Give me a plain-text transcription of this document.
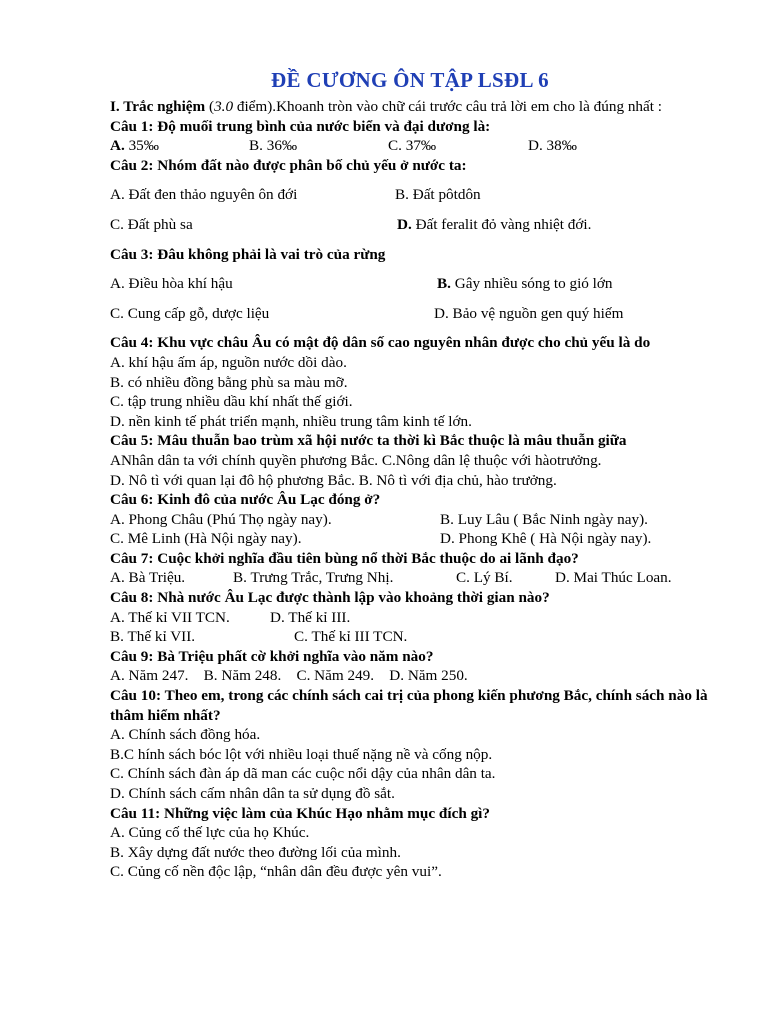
ĐỀ CƯƠNG ÔN TẬP LSĐL 6
I. Trắc nghiệm (3.0 điểm).Khoanh tròn vào chữ cái trước câu trả lời em cho là đúng nhất :
Câu 1: Độ muối trung bình của nước biển và đại dương là:
A. 35‰	B. 36‰	C. 37‰	D. 38‰
Câu 2: Nhóm đất nào được phân bố chủ yếu ở nước ta:
A. Đất đen thảo nguyên ôn đới	B. Đất pôtdôn
C. Đất phù sa	D. Đất feralit đỏ vàng nhiệt đới.
Câu 3: Đâu không phải là vai trò của rừng
A. Điều hòa khí hậu	B. Gây nhiều sóng to gió lớn
C. Cung cấp gỗ, dược liệu	D. Bảo vệ nguồn gen quý hiếm
Câu 4: Khu vực châu Âu có mật độ dân số cao nguyên nhân được cho chủ yếu là do
A. khí hậu ấm áp, nguồn nước dồi dào.
B. có nhiều đồng bằng phù sa màu mỡ.
C. tập trung nhiều dầu khí nhất thế giới.
D. nền kinh tế phát triển mạnh, nhiều trung tâm kinh tế lớn.
Câu 5: Mâu thuẫn bao trùm xã hội nước ta thời kì Bắc thuộc là mâu thuẫn giữa
ANhân dân ta với chính quyền phương Bắc. C.Nông dân lệ thuộc với hàotrưởng.
D. Nô tì với quan lại đô hộ phương Bắc. B. Nô tì với địa chủ, hào trưởng.
Câu 6: Kinh đô của nước Âu Lạc đóng ở?
A. Phong Châu (Phú Thọ ngày nay).	B. Luy Lâu ( Bắc Ninh ngày nay).
C. Mê Linh (Hà Nội ngày nay).	D. Phong Khê ( Hà Nội ngày nay).
Câu 7: Cuộc khởi nghĩa đầu tiên bùng nổ thời Bắc thuộc do ai lãnh đạo?
A. Bà Triệu.	B. Trưng Trắc, Trưng Nhị.	C. Lý Bí.	D. Mai Thúc Loan.
Câu 8: Nhà nước Âu Lạc được thành lập vào khoảng thời gian nào?
A. Thế kỉ VII TCN.	D. Thế kỉ III.
B. Thế kỉ VII.	C. Thế kỉ III TCN.
Câu 9: Bà Triệu phất cờ khởi nghĩa vào năm nào?
A. Năm 247.    B. Năm 248.    C. Năm 249.    D. Năm 250.
Câu 10: Theo em, trong các chính sách cai trị của phong kiến phương Bắc, chính sách nào là thâm hiểm nhất?
A. Chính sách đồng hóa.
B.C hính sách bóc lột với nhiều loại thuế nặng nề và cống nộp.
C. Chính sách đàn áp dã man các cuộc nổi dậy của nhân dân ta.
D. Chính sách cấm nhân dân ta sử dụng đồ sắt.
Câu 11: Những việc làm của Khúc Hạo nhằm mục đích gì?
A. Củng cố thế lực của họ Khúc.
B. Xây dựng đất nước theo đường lối của mình.
C. Củng cố nền độc lập, “nhân dân đều được yên vui”.
